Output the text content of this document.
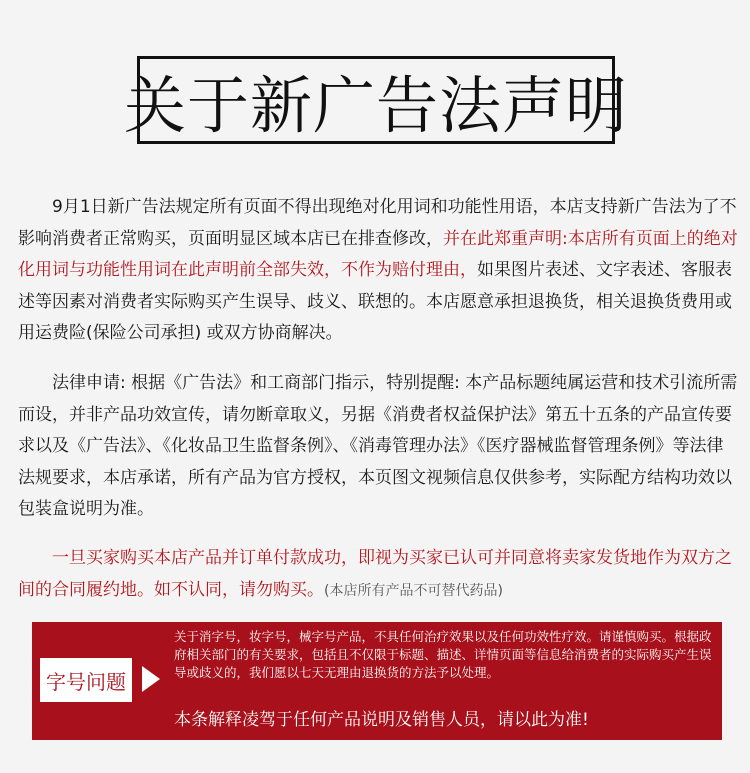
关于新广告法声明

9月1日新广告法规定所有页面不得出现绝对化用词和功能性用语，本店支持新广告法为了不影响消费者正常购买，页面明显区域本店已在排查修改，并在此郑重声明:本店所有页面上的绝对化用词与功能性用词在此声明前全部失效，不作为赔付理由，如果图片表述、文字表述、客服表述等因素对消费者实际购买产生误导、歧义、联想的。本店愿意承担退换货，相关退换货费用或用运费险(保险公司承担) 或双方协商解决。

法律申请: 根据《广告法》和工商部门指示，特别提醒: 本产品标题纯属运营和技术引流所需而设，并非产品功效宣传，请勿断章取义，另据《消费者权益保护法》第五十五条的产品宣传要求以及《广告法》、《化妆品卫生监督条例》、《消毒管理办法》《医疗器械监督管理条例》等法律法规要求，本店承诺，所有产品为官方授权，本页图文视频信息仅供参考，实际配方结构功效以包装盒说明为准。

一旦买家购买本店产品并订单付款成功，即视为买家已认可并同意将卖家发货地作为双方之间的合同履约地。如不认同，请勿购买。(本店所有产品不可替代药品)

字号问题

关于消字号，妆字号，械字号产品，不具任何治疗效果以及任何功效性疗效。请谨慎购买。根据政府相关部门的有关要求，包括且不仅限于标题、描述、详情页面等信息给消费者的实际购买产生误导或歧义的，我们愿以七天无理由退换货的方法予以处理。

本条解释凌驾于任何产品说明及销售人员，请以此为准!
